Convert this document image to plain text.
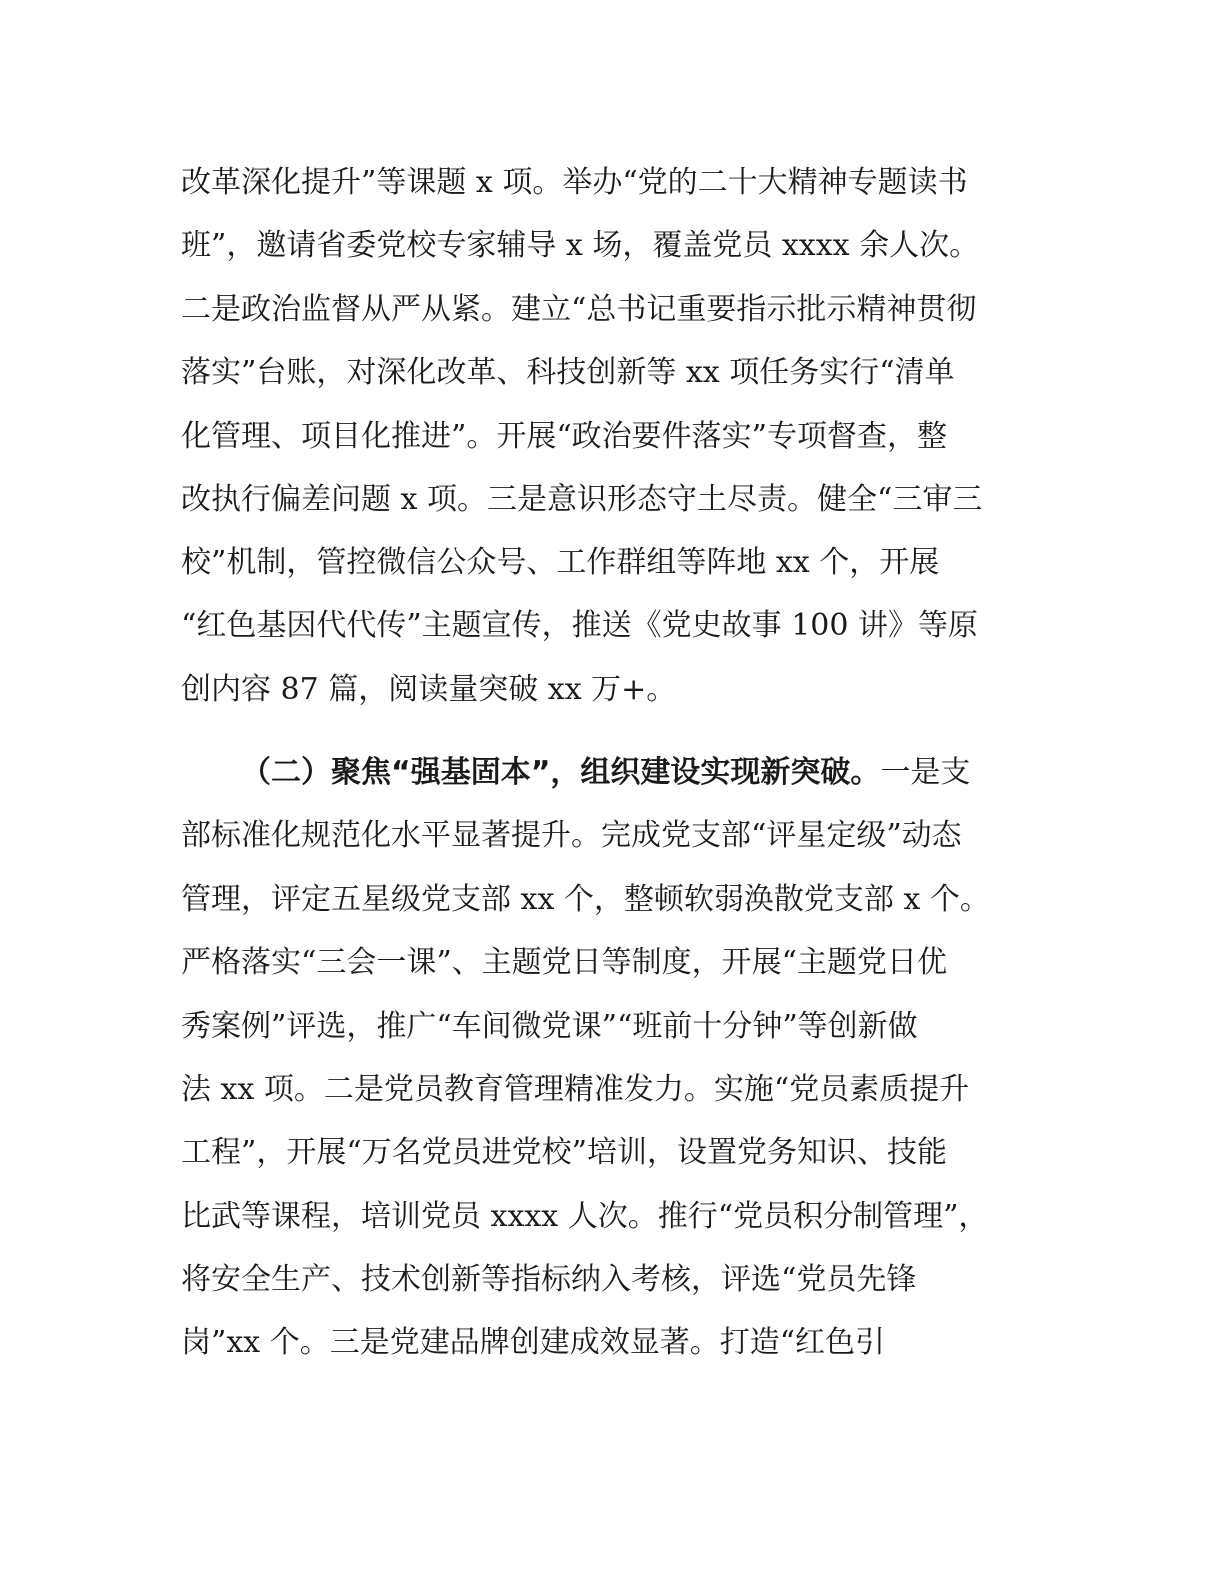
改革深化提升”等课题 x 项。举办“党的二十大精神专题读书
班”，邀请省委党校专家辅导 x 场，覆盖党员 xxxx 余人次。
二是政治监督从严从紧。建立“总书记重要指示批示精神贯彻
落实”台账，对深化改革、科技创新等 xx 项任务实行“清单
化管理、项目化推进”。开展“政治要件落实”专项督查，整
改执行偏差问题 x 项。三是意识形态守土尽责。健全“三审三
校”机制，管控微信公众号、工作群组等阵地 xx 个，开展
“红色基因代代传”主题宣传，推送《党史故事 100 讲》等原
创内容 87 篇，阅读量突破 xx 万+。
（二）聚焦“强基固本”，组织建设实现新突破。一是支
部标准化规范化水平显著提升。完成党支部“评星定级”动态
管理，评定五星级党支部 xx 个，整顿软弱涣散党支部 x 个。
严格落实“三会一课”、主题党日等制度，开展“主题党日优
秀案例”评选，推广“车间微党课”“班前十分钟”等创新做
法 xx 项。二是党员教育管理精准发力。实施“党员素质提升
工程”，开展“万名党员进党校”培训，设置党务知识、技能
比武等课程，培训党员 xxxx 人次。推行“党员积分制管理”，
将安全生产、技术创新等指标纳入考核，评选“党员先锋
岗”xx 个。三是党建品牌创建成效显著。打造“红色引
